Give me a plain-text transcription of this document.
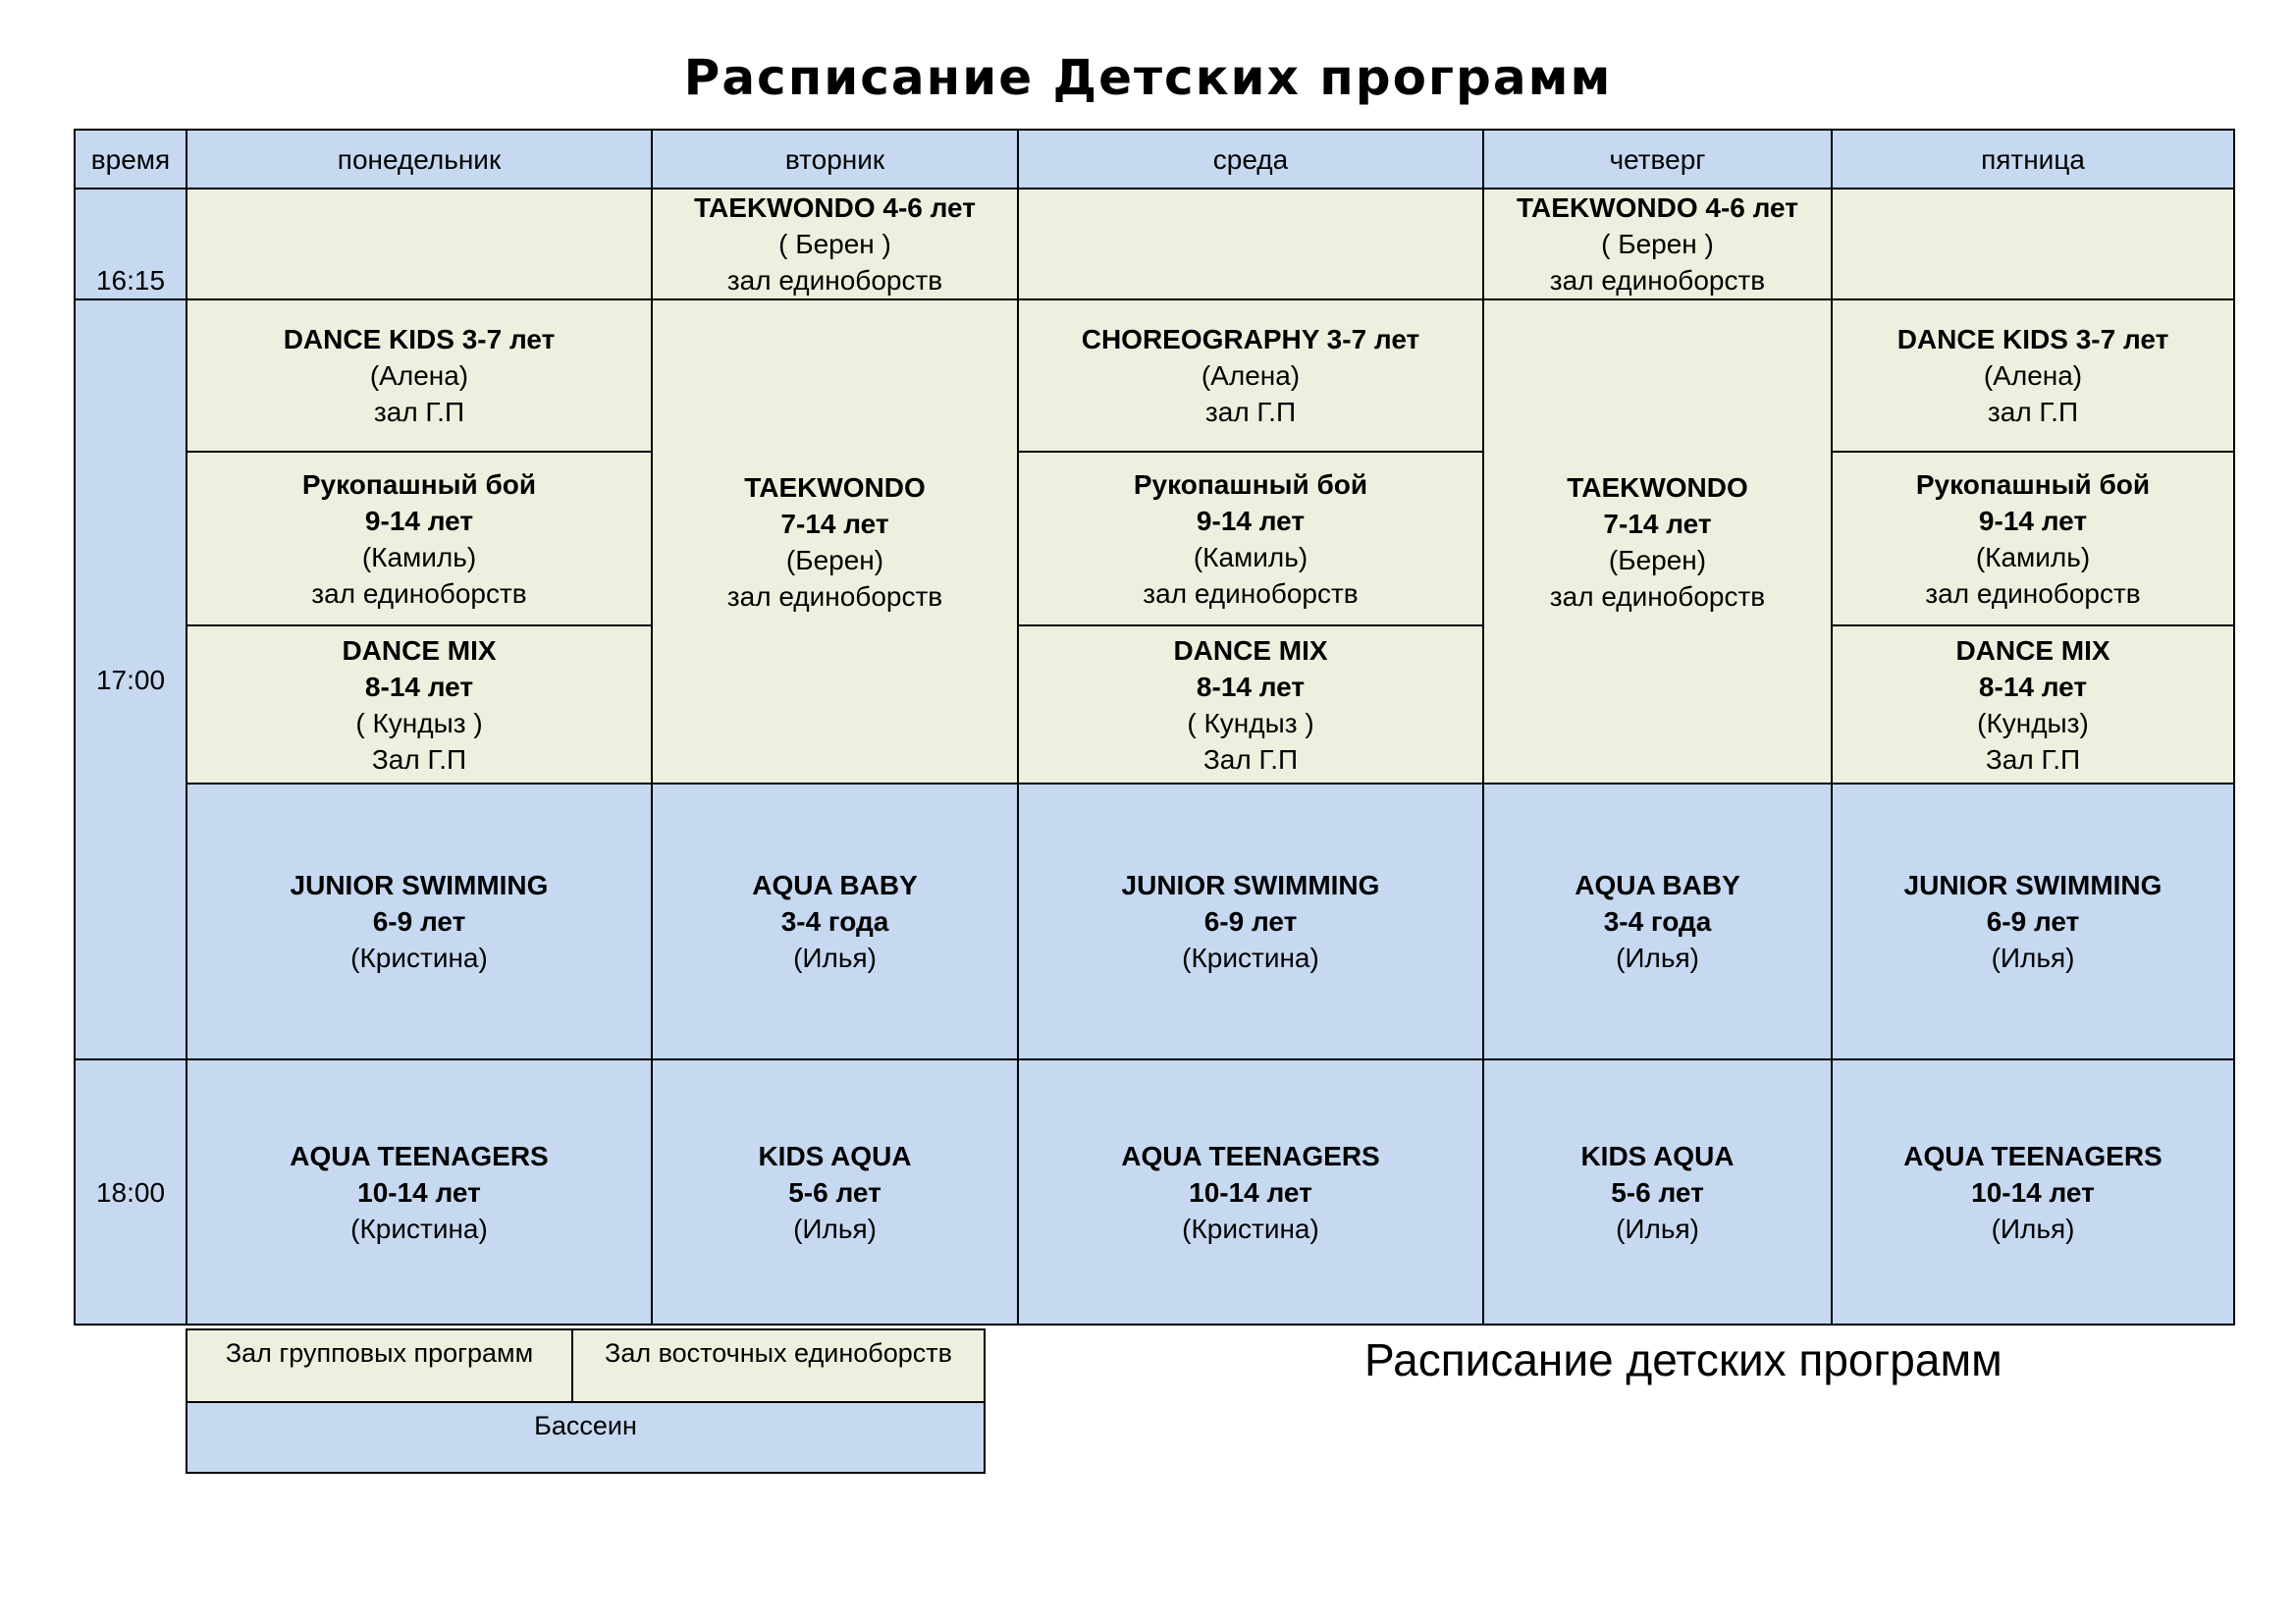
Расписание Детских программ
время	понедельник	вторник	среда	четверг	пятница
16:15		TAEKWONDO 4-6 лет
( Берен )
зал единоборств		TAEKWONDO 4-6 лет
( Берен )
зал единоборств	

17:00	DANCE KIDS 3-7 лет
(Алена)
зал Г.П	TAEKWONDO
7-14 лет
(Берен)
зал единоборств	CHOREOGRAPHY 3-7 лет
(Алена)
зал Г.П	TAEKWONDO
7-14 лет
(Берен)
зал единоборств	DANCE KIDS 3-7 лет
(Алена)
зал Г.П

	Рукопашный бой
9-14 лет
(Камиль)
зал единоборств		Рукопашный бой
9-14 лет
(Камиль)
зал единоборств		Рукопашный бой
9-14 лет
(Камиль)
зал единоборств

	DANCE MIX
8-14 лет
( Кундыз )
Зал Г.П		DANCE MIX
8-14 лет
( Кундыз )
Зал Г.П		DANCE MIX
8-14 лет
(Кундыз)
Зал Г.П

	JUNIOR SWIMMING
6-9 лет
(Кристина)	AQUA BABY
3-4 года
(Илья)	JUNIOR SWIMMING
6-9 лет
(Кристина)	AQUA BABY
3-4 года
(Илья)	JUNIOR SWIMMING
6-9 лет
(Илья)

18:00	AQUA TEENAGERS
10-14 лет
(Кристина)	KIDS AQUA
5-6 лет
(Илья)	AQUA TEENAGERS
10-14 лет
(Кристина)	KIDS AQUA
5-6 лет
(Илья)	AQUA TEENAGERS
10-14 лет
(Илья)
Зал групповых программ	Зал восточных единоборств
Бассеин
Расписание детских программ
